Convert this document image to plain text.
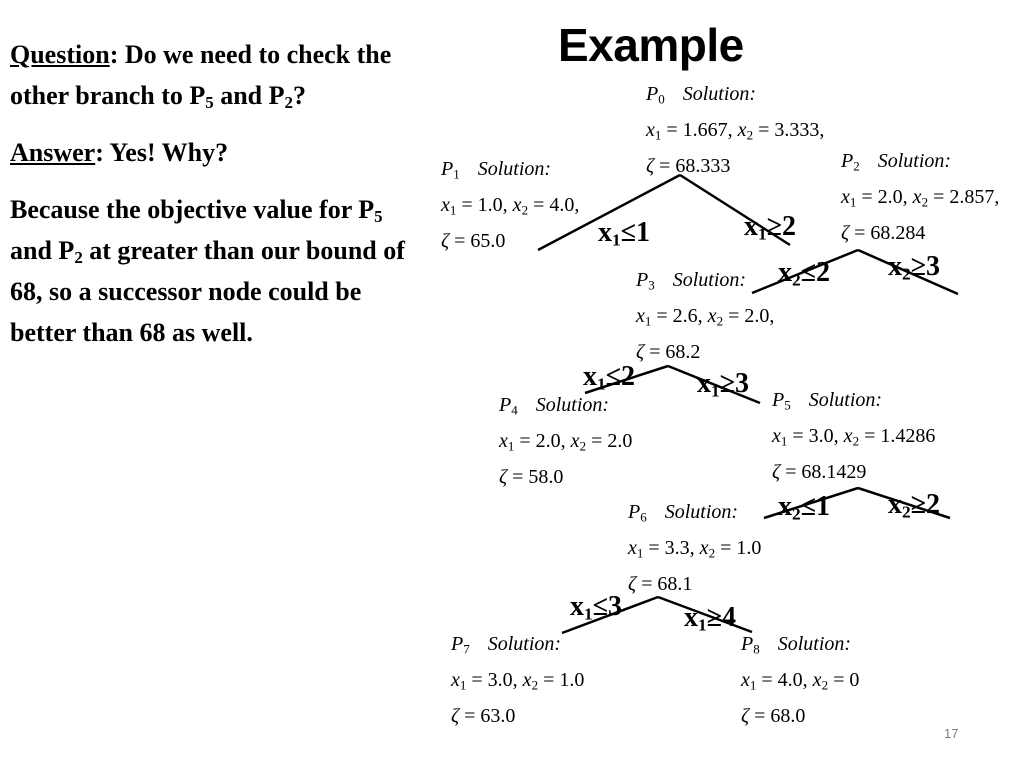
Example

Question: Do we need to check the other branch to $P_5$ and $P_2$?

Answer: Yes! Why?

Because the objective value for $P_5$ and $P_2$ at greater than our bound of 68, so a successor node could be better than 68 as well.

$P_0$ Solution:
$x_1 = 1.667$, $x_2 = 3.333$,
ζ = 68.333
$P_1$ Solution:
$x_1 = 1.0$, $x_2 = 4.0$,
ζ = 65.0
$P_2$ Solution:
$x_1 = 2.0$, $x_2 = 2.857$,
ζ = 68.284
$P_3$ Solution:
$x_1 = 2.6$, $x_2 = 2.0$,
ζ = 68.2
$P_4$ Solution:
$x_1 = 2.0$, $x_2 = 2.0$
ζ = 58.0
$P_5$ Solution:
$x_1 = 3.0$, $x_2 = 1.4286$
ζ = 68.1429
$P_6$ Solution:
$x_1 = 3.3$, $x_2 = 1.0$
ζ = 68.1
$P_7$ Solution:
$x_1 = 3.0$, $x_2 = 1.0$
ζ = 63.0
$P_8$ Solution:
$x_1 = 4.0$, $x_2 = 0$
ζ = 68.0
$x_1\le 1$	$x_1\ge 2$
$x_2\le 2$ $x_2\ge 3$
$x_1\le 2$ $x_1\ge 3$
$x_2\le 1$ $x_2\ge 2$
$x_1\le 3$ $x_1\ge 4$
17
